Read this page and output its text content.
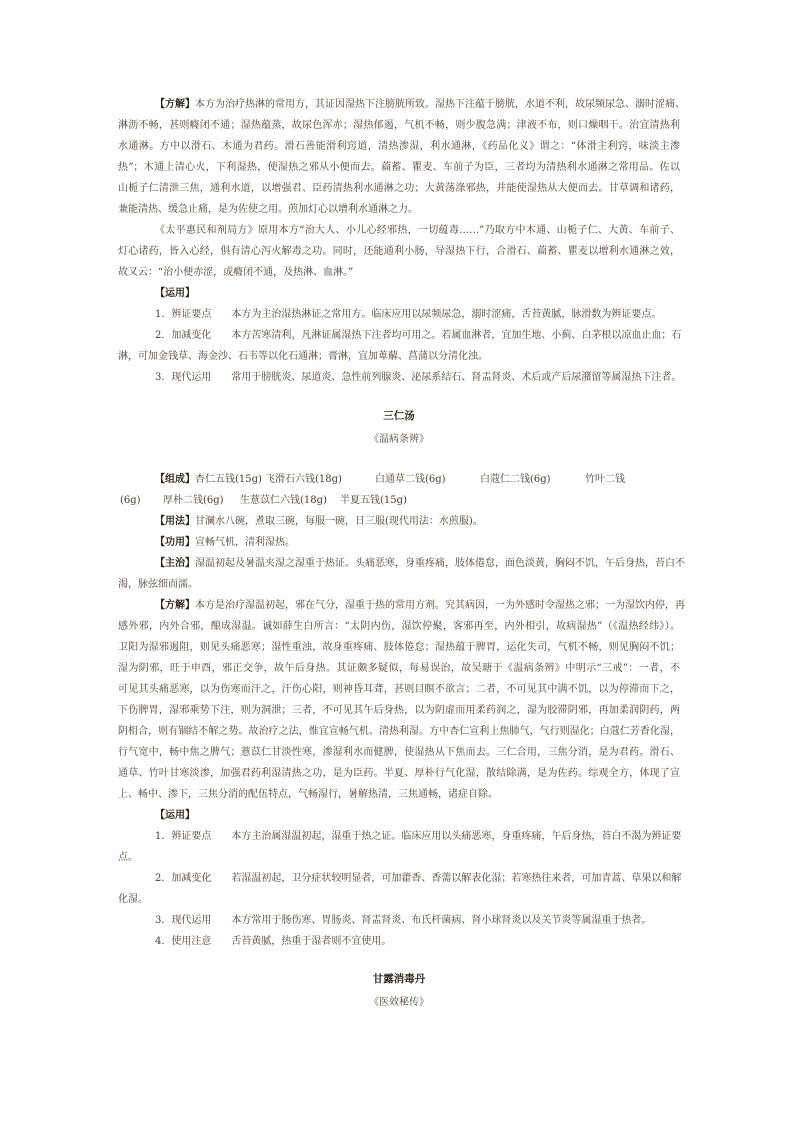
【方解】本方为治疗热淋的常用方，其证因湿热下注膀胱所致。湿热下注蕴于膀胱，水道不利，故尿频尿急、溺时涩痛、
淋沥不畅，甚则癃闭不通；湿热蕴蒸，故尿色浑赤；湿热郁遏，气机不畅，则少腹急满；津液不布，则口燥咽干。治宜清热利
水通淋。方中以滑石、木通为君药。滑石善能滑利窍道，清热渗湿，利水通淋，《药品化义》谓之：“体滑主利窍，味淡主渗
热”；木通上清心火，下利湿热，使湿热之邪从小便而去。萹蓄、瞿麦、车前子为臣，三者均为清热利水通淋之常用品。佐以
山栀子仁清泄三焦，通利水道，以增强君、臣药清热利水通淋之功；大黄荡涤邪热，并能使湿热从大便而去。甘草调和诸药，
兼能清热、缓急止痛，是为佐使之用。煎加灯心以增利水通淋之力。
《太平惠民和剂局方》原用本方“治大人、小儿心经邪热，一切蕴毒……”乃取方中木通、山栀子仁、大黄、车前子、
灯心诸药，皆入心经，俱有清心泻火解毒之功。同时，还能通利小肠，导湿热下行，合滑石、萹蓄、瞿麦以增利水通淋之效，
故又云：“治小便赤涩，或癃闭不通，及热淋、血淋。”
【运用】
1．辨证要点 本方为主治湿热淋证之常用方。临床应用以尿频尿急，溺时涩痛，舌苔黄腻，脉滑数为辨证要点。
2．加减变化 本方苦寒清利，凡淋证属湿热下注者均可用之。若属血淋者，宜加生地、小蓟、白茅根以凉血止血；石
淋，可加金钱草、海金沙、石韦等以化石通淋；膏淋，宜加萆薢、菖蒲以分清化浊。
3．现代运用 常用于膀胱炎、尿道炎、急性前列腺炎、泌尿系结石、肾盂肾炎、术后或产后尿潴留等属湿热下注者。
三仁汤
《温病条辨》
【组成】杏仁五钱(15g) 飞滑石六钱(18g)	白通草二钱(6g)	白蔻仁二钱(6g)	竹叶二钱
(6g) 厚朴二钱(6g) 生薏苡仁六钱(18g) 半夏五钱(15g)
【用法】甘澜水八碗，煮取三碗，每服一碗，日三服(现代用法：水煎服)。
【功用】宣畅气机，清利湿热。
【主治】湿温初起及暑温夹湿之湿重于热证。头痛恶寒，身重疼痛，肢体倦怠，面色淡黄，胸闷不饥，午后身热，苔白不
渴，脉弦细而濡。
【方解】本方是治疗湿温初起，邪在气分，湿重于热的常用方剂。究其病因，一为外感时令湿热之邪；一为湿饮内停，再
感外邪，内外合邪，酿成湿温。诚如薛生白所言：“太阴内伤，湿饮停聚，客邪再至，内外相引，故病湿热”（《温热经纬》）。
卫阳为湿邪遏阻，则见头痛恶寒；湿性重浊，故身重疼痛、肢体倦怠；湿热蕴于脾胃，运化失司，气机不畅，则见胸闷不饥；
湿为阴邪，旺于申酉，邪正交争，故午后身热。其证颇多疑似，每易误治，故吴瑭于《温病条辨》中明示“三戒”：一者，不
可见其头痛恶寒，以为伤寒而汗之，汗伤心阳，则神昏耳聋，甚则目瞑不欲言；二者，不可见其中满不饥，以为停滞而下之，
下伤脾胃，湿邪乘势下注，则为洞泄；三者，不可见其午后身热，以为阴虚而用柔药润之，湿为胶滞阴邪，再加柔润阴药，两
阴相合，则有锢结不解之势。故治疗之法，惟宜宣畅气机、清热利湿。方中杏仁宣利上焦肺气，气行则湿化；白蔻仁芳香化湿，
行气宽中，畅中焦之脾气；薏苡仁甘淡性寒，渗湿利水而健脾，使湿热从下焦而去。三仁合用，三焦分消，是为君药。滑石、
通草、竹叶甘寒淡渗，加强君药利湿清热之功，是为臣药。半夏、厚朴行气化湿，散结除满，是为佐药。综观全方，体现了宣
上、畅中、渗下，三焦分消的配伍特点，气畅湿行，暑解热清，三焦通畅，诸症自除。
【运用】
1．辨证要点 本方主治属湿温初起，湿重于热之证。临床应用以头痛恶寒，身重疼痛，午后身热，苔白不渴为辨证要
点。
2．加减变化 若湿温初起，卫分症状较明显者，可加藿香、香薷以解表化湿；若寒热往来者，可加青蒿、草果以和解
化湿。
3．现代运用 本方常用于肠伤寒、胃肠炎、肾盂肾炎、布氏杆菌病、肾小球肾炎以及关节炎等属湿重于热者。
4．使用注意 舌苔黄腻，热重于湿者则不宜使用。
甘露消毒丹
《医效秘传》
